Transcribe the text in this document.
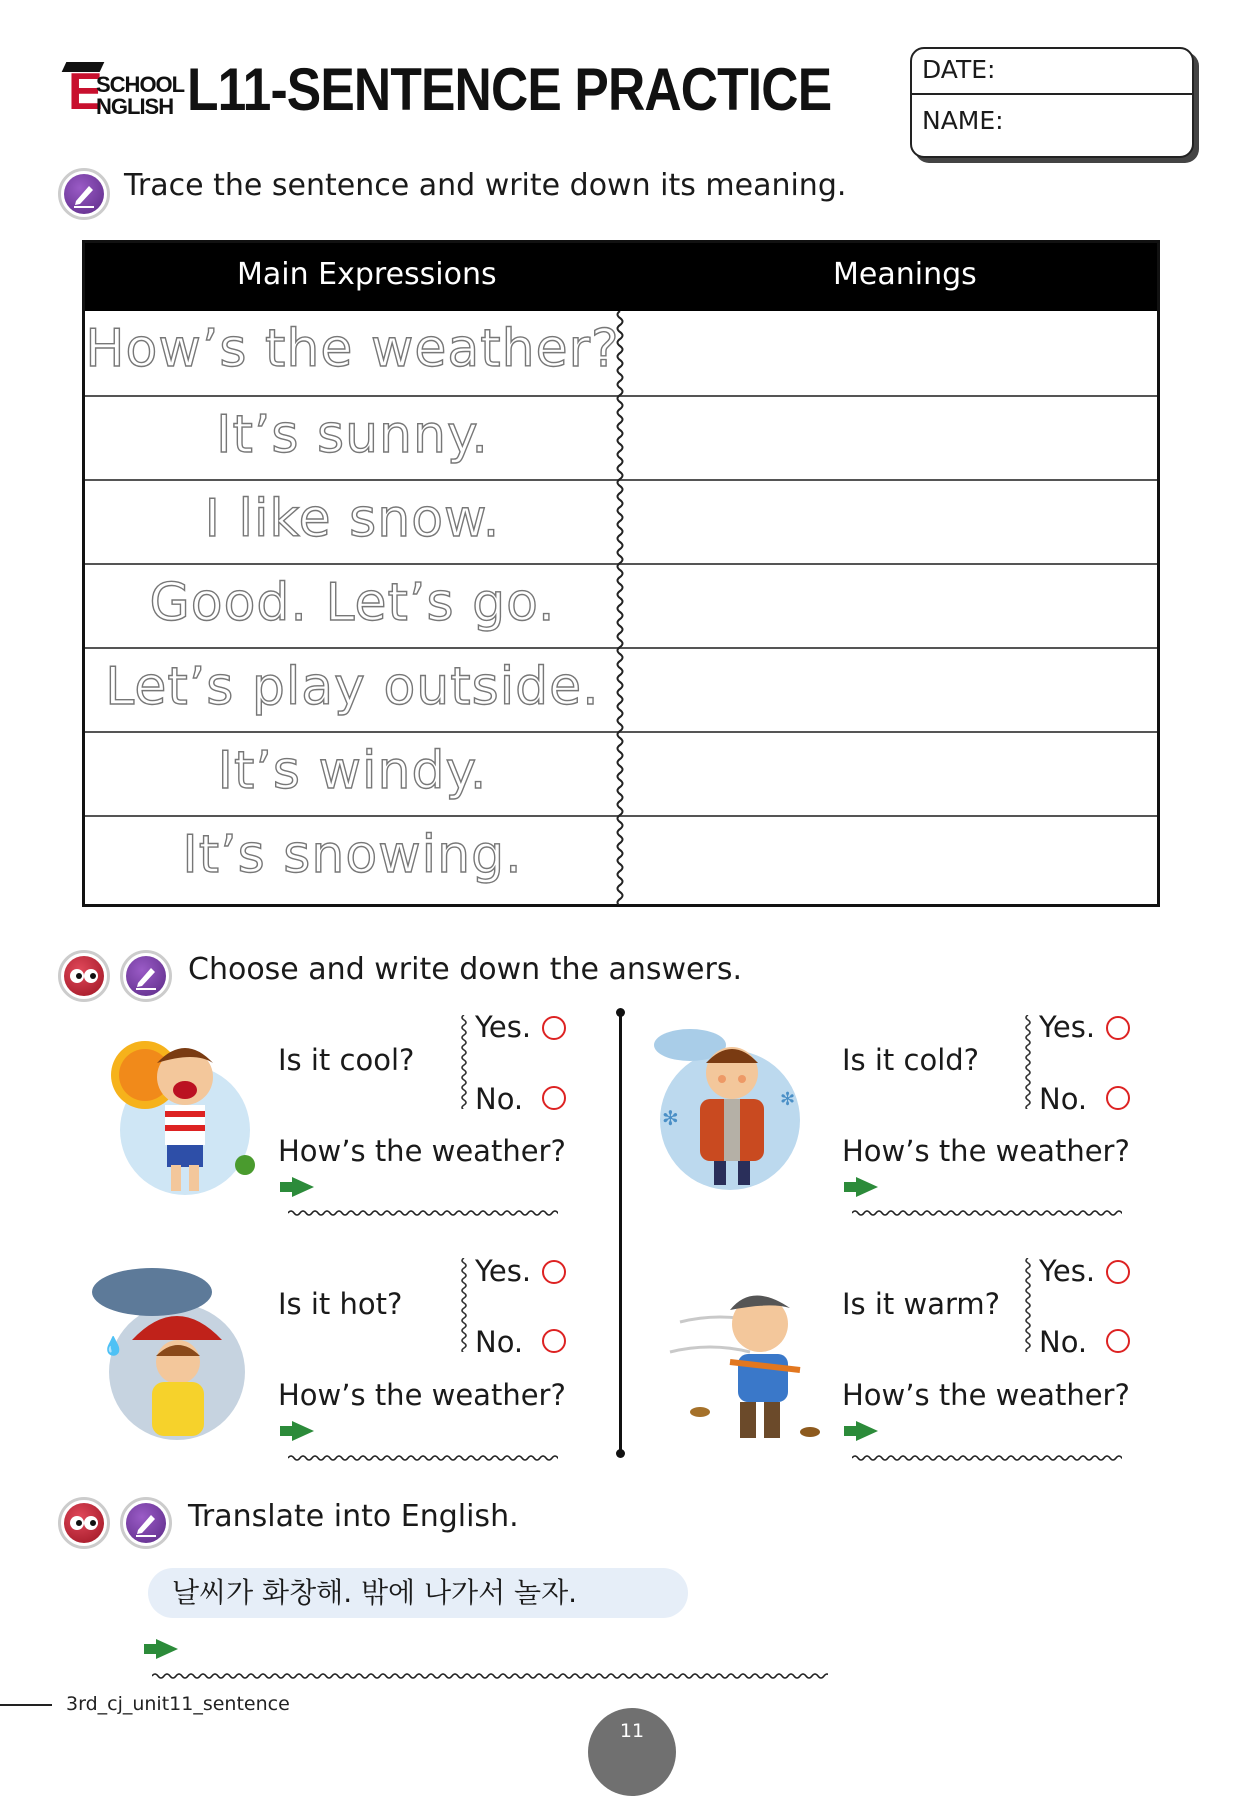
E
SCHOOL
NGLISH L11-SENTENCE PRACTICE	DATE:
NAME:
Trace the sentence and write down its meaning.
Main Expressions	Meanings
How’s the weather?
It’s sunny.
I like snow.
Good. Let’s go.
Let’s play outside.
It’s windy.
It’s snowing.
Choose and write down the answers.
Is it cool?
Yes.
No.
How’s the weather?
✻
✻
Is it cold?
Yes.
No.
How’s the weather?
💧
Is it hot?
Yes.
No.
How’s the weather?
Is it warm?
Yes.
No.
How’s the weather?
Translate into English.
날씨가 화창해. 밖에 나가서 놀자.
3rd_cj_unit11_sentence
11
